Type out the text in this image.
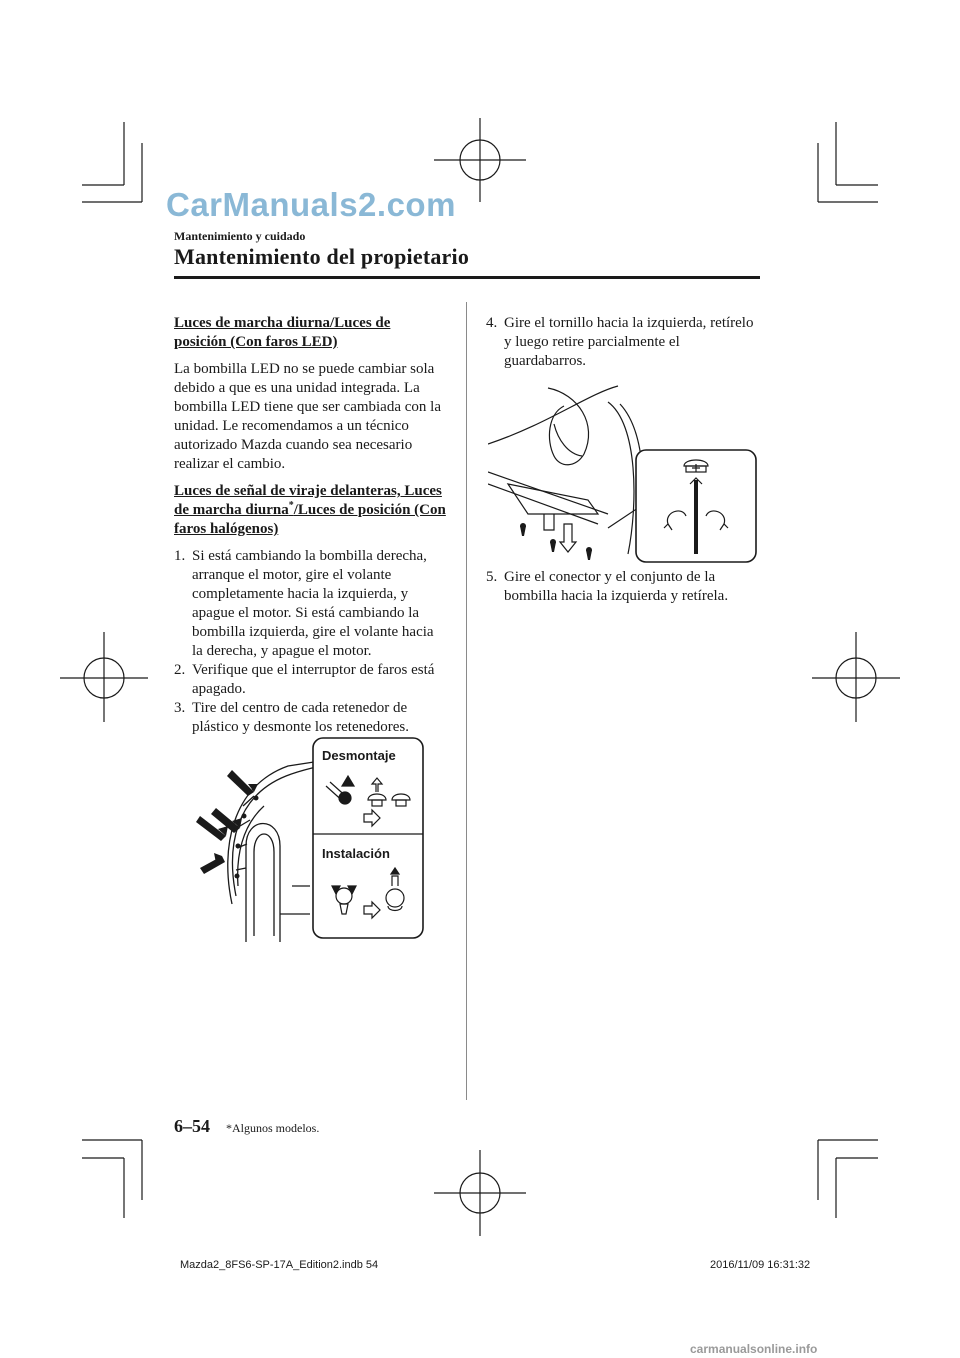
CarManuals2.com
Mantenimiento y cuidado
Mantenimiento del propietario

Luces de marcha diurna/Luces de posición (Con faros LED)

La bombilla LED no se puede cambiar sola debido a que es una unidad integrada. La bombilla LED tiene que ser cambiada con la unidad. Le recomendamos a un técnico autorizado Mazda cuando sea necesario realizar el cambio.

Luces de señal de viraje delanteras, Luces de marcha diurna*/Luces de posición (Con faros halógenos)

1. Si está cambiando la bombilla derecha, arranque el motor, gire el volante completamente hacia la izquierda, y apague el motor. Si está cambiando la bombilla izquierda, gire el volante hacia la derecha, y apague el motor.
2. Verifique que el interruptor de faros está apagado.
3. Tire del centro de cada retenedor de plástico y desmonte los retenedores.
Desmontaje
Instalación
4. Gire el tornillo hacia la izquierda, retírelo y luego retire parcialmente el guardabarros.
5. Gire el conector y el conjunto de la bombilla hacia la izquierda y retírela.
6–54 *Algunos modelos.
Mazda2_8FS6-SP-17A_Edition2.indb 54	2016/11/09 16:31:32
carmanualsonline.info
